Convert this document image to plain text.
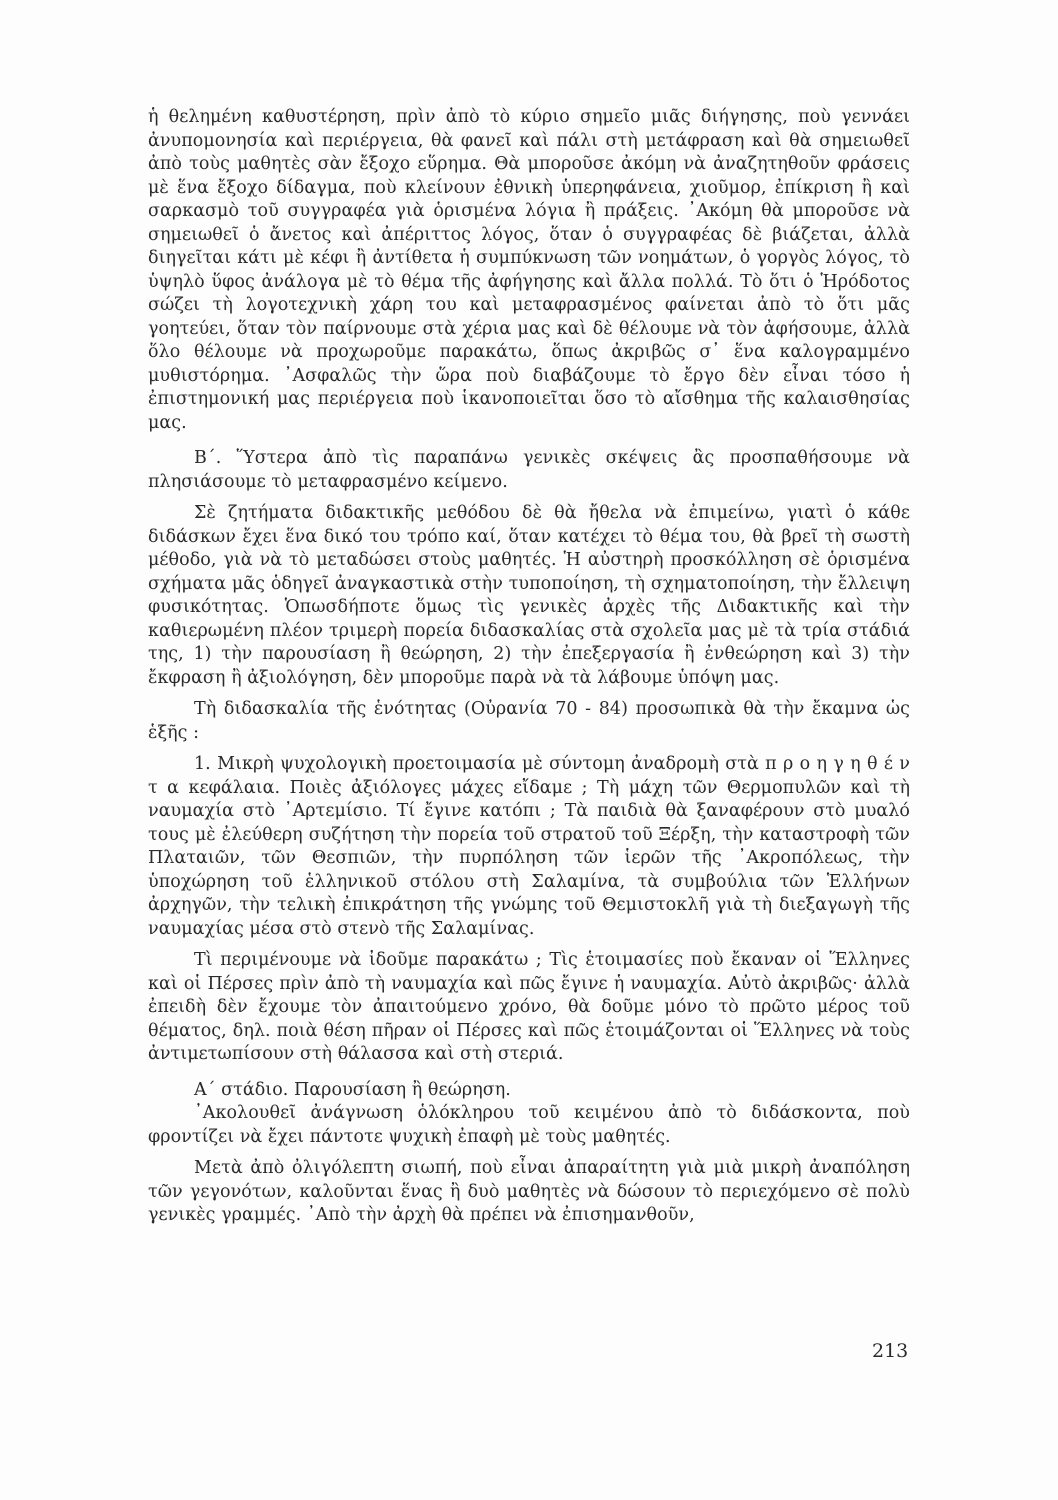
ἡ θελημένη καθυστέρηση, πρὶν ἀπὸ τὸ κύριο σημεῖο μιᾶς διήγησης, ποὺ γεννάει ἀνυπομονησία καὶ περιέργεια, θὰ φανεῖ καὶ πάλι στὴ μετάφραση καὶ θὰ σημειωθεῖ ἀπὸ τοὺς μαθητὲς σὰν ἔξοχο εὕρημα. Θὰ μποροῦσε ἀκόμη νὰ ἀναζητηθοῦν φράσεις μὲ ἕνα ἔξοχο δίδαγμα, ποὺ κλείνουν ἐθνικὴ ὑπερηφάνεια, χιοῦμορ, ἐπίκριση ἢ καὶ σαρκασμὸ τοῦ συγγραφέα γιὰ ὁρισμένα λόγια ἢ πράξεις. ᾿Ακόμη θὰ μποροῦσε νὰ σημειωθεῖ ὁ ἄνετος καὶ ἀπέριττος λόγος, ὅταν ὁ συγγραφέας δὲ βιάζεται, ἀλλὰ διηγεῖται κάτι μὲ κέφι ἢ ἀντίθετα ἡ συμπύκνωση τῶν νοημάτων, ὁ γοργὸς λόγος, τὸ ὑψηλὸ ὕφος ἀνάλογα μὲ τὸ θέμα τῆς ἀφήγησης καὶ ἄλλα πολλά. Τὸ ὅτι ὁ Ἡρόδοτος σώζει τὴ λογοτεχνικὴ χάρη του καὶ μεταφρασμένος φαίνεται ἀπὸ τὸ ὅτι μᾶς γοητεύει, ὅταν τὸν παίρνουμε στὰ χέρια μας καὶ δὲ θέλουμε νὰ τὸν ἀφήσουμε, ἀλλὰ ὅλο θέλουμε νὰ προχωροῦμε παρακάτω, ὅπως ἀκριβῶς σ᾿ ἕνα καλογραμμένο μυθιστόρημα. ᾿Ασφαλῶς τὴν ὥρα ποὺ διαβάζουμε τὸ ἔργο δὲν εἶναι τόσο ἡ ἐπιστημονική μας περιέργεια ποὺ ἱκανοποιεῖται ὅσο τὸ αἴσθημα τῆς καλαισθησίας μας.

Β΄. Ὕστερα ἀπὸ τὶς παραπάνω γενικὲς σκέψεις ἂς προσπαθήσουμε νὰ πλησιάσουμε τὸ μεταφρασμένο κείμενο.

Σὲ ζητήματα διδακτικῆς μεθόδου δὲ θὰ ἤθελα νὰ ἐπιμείνω, γιατὶ ὁ κάθε διδάσκων ἔχει ἕνα δικό του τρόπο καί, ὅταν κατέχει τὸ θέμα του, θὰ βρεῖ τὴ σωστὴ μέθοδο, γιὰ νὰ τὸ μεταδώσει στοὺς μαθητές. Ἡ αὐστηρὴ προσκόλληση σὲ ὁρισμένα σχήματα μᾶς ὁδηγεῖ ἀναγκαστικὰ στὴν τυποποίηση, τὴ σχηματοποίηση, τὴν ἔλλειψη φυσικότητας. Ὁπωσδήποτε ὅμως τὶς γενικὲς ἀρχὲς τῆς Διδακτικῆς καὶ τὴν καθιερωμένη πλέον τριμερὴ πορεία διδασκαλίας στὰ σχολεῖα μας μὲ τὰ τρία στάδιά της, 1) τὴν παρουσίαση ἢ θεώρηση, 2) τὴν ἐπεξεργασία ἢ ἐνθεώρηση καὶ 3) τὴν ἔκφραση ἢ ἀξιολόγηση, δὲν μποροῦμε παρὰ νὰ τὰ λάβουμε ὑπόψη μας.

Τὴ διδασκαλία τῆς ἑνότητας (Οὐρανία 70 - 84) προσωπικὰ θὰ τὴν ἔκαμνα ὡς ἑξῆς :

1. Μικρὴ ψυχολογικὴ προετοιμασία μὲ σύντομη ἀναδρομὴ στὰ π ρ ο η γ η θ έ ν τ α κεφάλαια. Ποιὲς ἀξιόλογες μάχες εἴδαμε ; Τὴ μάχη τῶν Θερμοπυλῶν καὶ τὴ ναυμαχία στὸ ᾿Αρτεμίσιο. Τί ἔγινε κατόπι ; Τὰ παιδιὰ θὰ ξαναφέρουν στὸ μυαλό τους μὲ ἐλεύθερη συζήτηση τὴν πορεία τοῦ στρατοῦ τοῦ Ξέρξη, τὴν καταστροφὴ τῶν Πλαταιῶν, τῶν Θεσπιῶν, τὴν πυρπόληση τῶν ἱερῶν τῆς ᾿Ακροπόλεως, τὴν ὑποχώρηση τοῦ ἑλληνικοῦ στόλου στὴ Σαλαμίνα, τὰ συμβούλια τῶν Ἑλλήνων ἀρχηγῶν, τὴν τελικὴ ἐπικράτηση τῆς γνώμης τοῦ Θεμιστοκλῆ γιὰ τὴ διεξαγωγὴ τῆς ναυμαχίας μέσα στὸ στενὸ τῆς Σαλαμίνας.

Τὶ περιμένουμε νὰ ἰδοῦμε παρακάτω ; Τὶς ἑτοιμασίες ποὺ ἔκαναν οἱ Ἕλληνες καὶ οἱ Πέρσες πρὶν ἀπὸ τὴ ναυμαχία καὶ πῶς ἔγινε ἡ ναυμαχία. Αὐτὸ ἀκριβῶς· ἀλλὰ ἐπειδὴ δὲν ἔχουμε τὸν ἀπαιτούμενο χρόνο, θὰ δοῦμε μόνο τὸ πρῶτο μέρος τοῦ θέματος, δηλ. ποιὰ θέση πῆραν οἱ Πέρσες καὶ πῶς ἑτοιμάζονται οἱ Ἕλληνες νὰ τοὺς ἀντιμετωπίσουν στὴ θάλασσα καὶ στὴ στεριά.

Α΄ στάδιο. Παρουσίαση ἢ θεώρηση.

᾿Ακολουθεῖ ἀνάγνωση ὁλόκληρου τοῦ κειμένου ἀπὸ τὸ διδάσκοντα, ποὺ φροντίζει νὰ ἔχει πάντοτε ψυχικὴ ἐπαφὴ μὲ τοὺς μαθητές.

Μετὰ ἀπὸ ὀλιγόλεπτη σιωπή, ποὺ εἶναι ἀπαραίτητη γιὰ μιὰ μικρὴ ἀναπόληση τῶν γεγονότων, καλοῦνται ἕνας ἢ δυὸ μαθητὲς νὰ δώσουν τὸ περιεχόμενο σὲ πολὺ γενικὲς γραμμές. ᾿Απὸ τὴν ἀρχὴ θὰ πρέπει νὰ ἐπισημανθοῦν,

213
